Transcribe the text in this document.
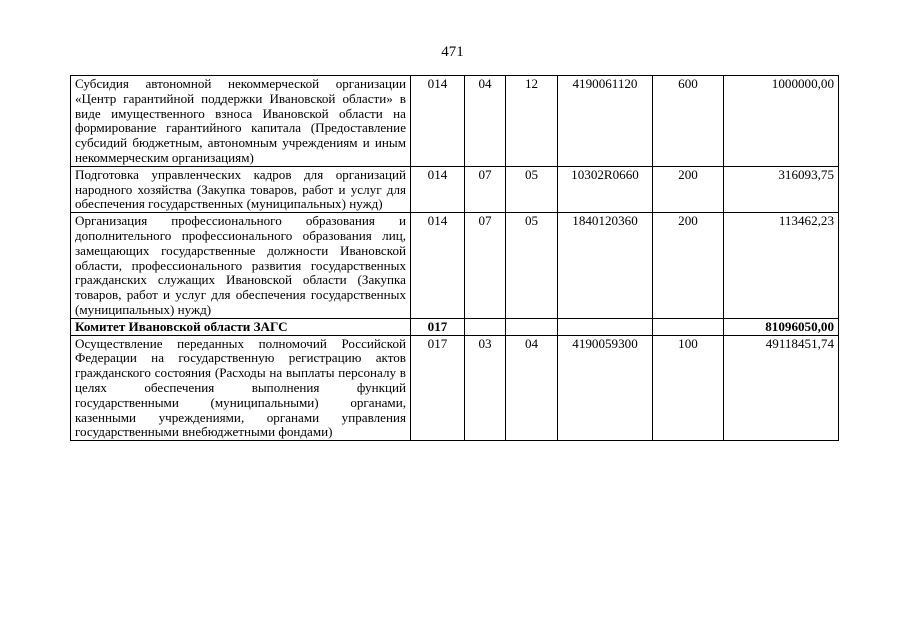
471
Субсидия автономной некоммерческой организации «Центр гарантийной поддержки Ивановской области» в виде имущественного взноса Ивановской области на формирование гарантийного капитала (Предоставление субсидий бюджетным, автономным учреждениям и иным некоммерческим организациям)	014	04	12	4190061120	600	1000000,00
Подготовка управленческих кадров для организаций народного хозяйства (Закупка товаров, работ и услуг для обеспечения государственных (муниципальных) нужд)	014	07	05	10302R0660	200	316093,75
Организация профессионального образования и дополнительного профессионального образования лиц, замещающих государственные должности Ивановской области, профессионального развития государственных гражданских служащих Ивановской области (Закупка товаров, работ и услуг для обеспечения государственных (муниципальных) нужд)	014	07	05	1840120360	200	113462,23
Комитет Ивановской области ЗАГС	017					81096050,00
Осуществление переданных полномочий Российской Федерации на государственную регистрацию актов гражданского состояния (Расходы на выплаты персоналу в целях обеспечения выполнения функций государственными (муниципальными) органами, казенными учреждениями, органами управления государственными внебюджетными фондами)	017	03	04	4190059300	100	49118451,74
